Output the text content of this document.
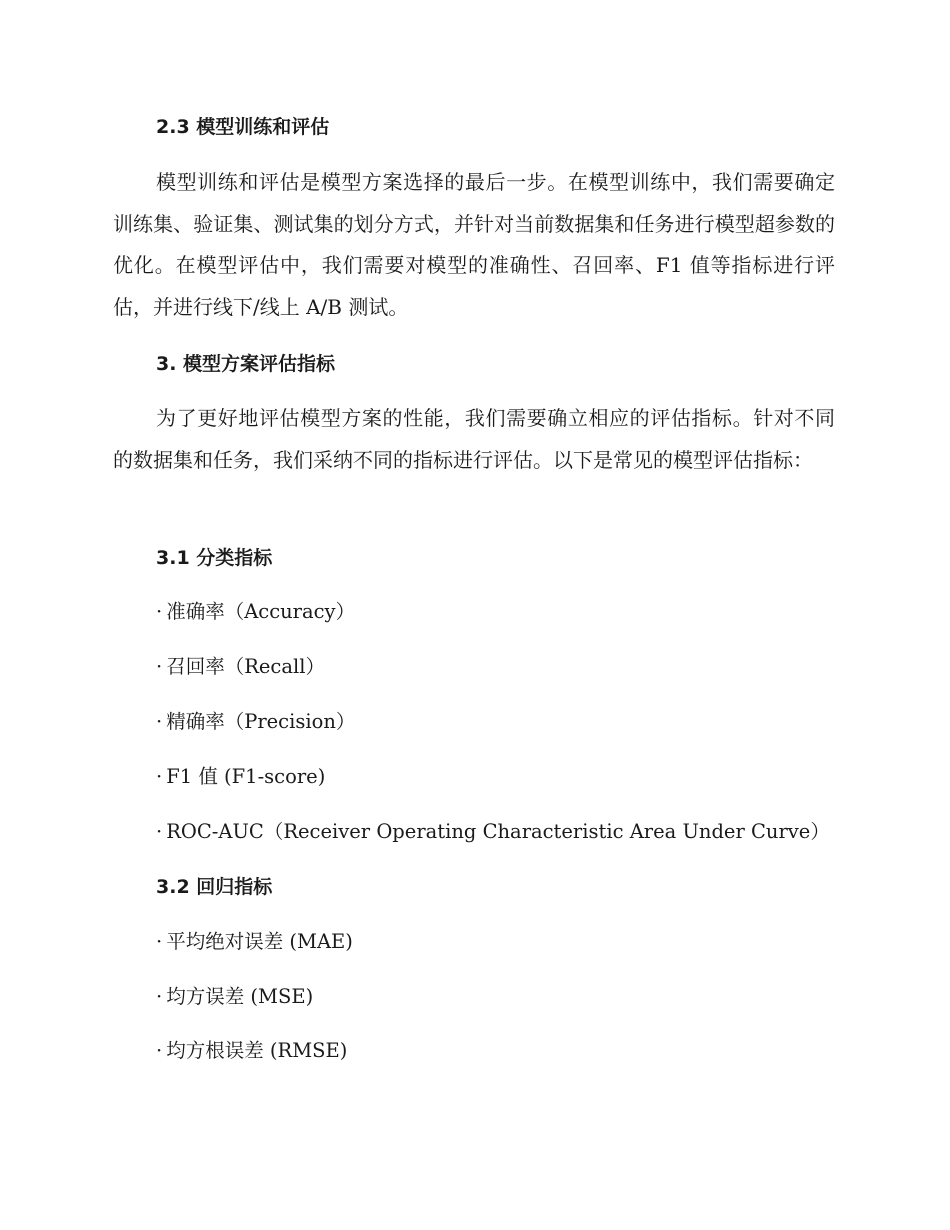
2.3 模型训练和评估
模型训练和评估是模型方案选择的最后一步。在模型训练中，我们需要确定训练集、验证集、测试集的划分方式，并针对当前数据集和任务进行模型超参数的优化。在模型评估中，我们需要对模型的准确性、召回率、F1 值等指标进行评估，并进行线下/线上 A/B 测试。
3. 模型方案评估指标
为了更好地评估模型方案的性能，我们需要确立相应的评估指标。针对不同的数据集和任务，我们采纳不同的指标进行评估。以下是常见的模型评估指标：
3.1 分类指标
· 准确率（Accuracy）
· 召回率（Recall）
· 精确率（Precision）
· F1 值 (F1-score)
· ROC-AUC（Receiver Operating Characteristic Area Under Curve）
3.2 回归指标
· 平均绝对误差 (MAE)
· 均方误差 (MSE)
· 均方根误差 (RMSE)
